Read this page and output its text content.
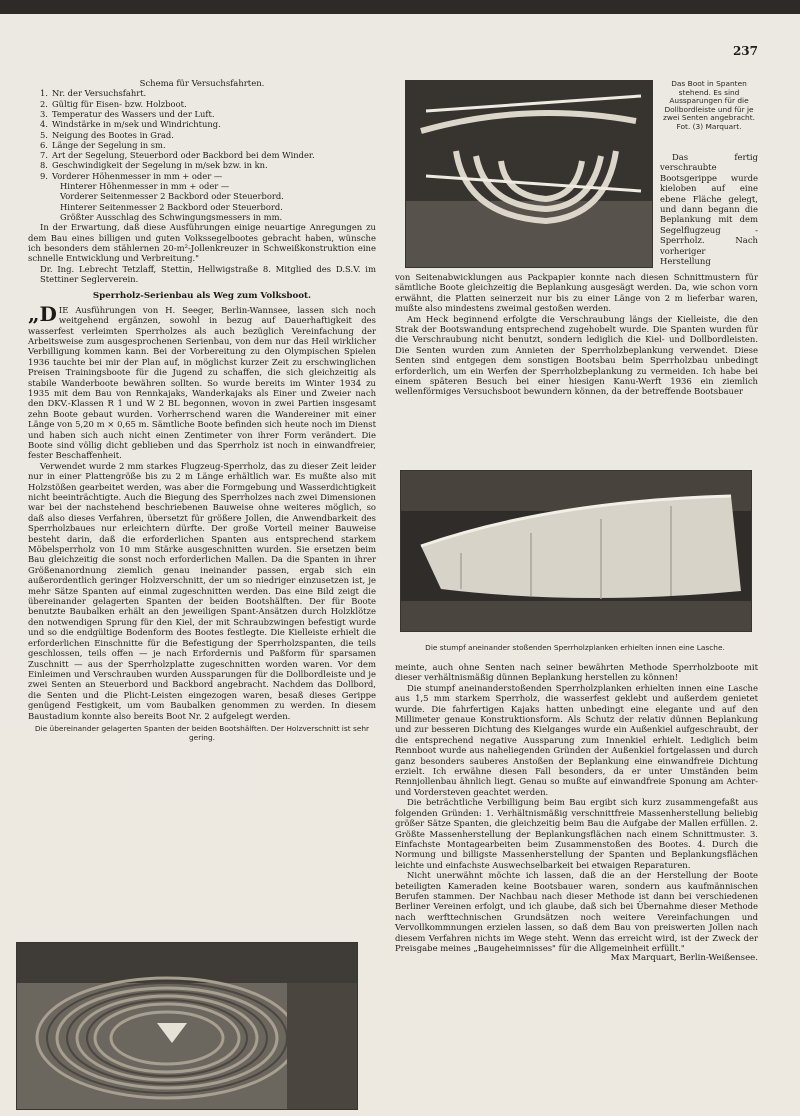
237
Schema für Versuchsfahrten.
1. Nr. der Versuchsfahrt.
2. Gültig für Eisen- bzw. Holzboot.
3. Temperatur des Wassers und der Luft.
4. Windstärke in m/sek und Windrichtung.
5. Neigung des Bootes in Grad.
6. Länge der Segelung in sm.
7. Art der Segelung, Steuerbord oder Backbord bei dem Winder.
8. Geschwindigkeit der Segelung in m/sek bzw. in kn.
9. Vorderer Höhenmesser in mm + oder —
Hinterer Höhenmesser in mm + oder —
Vorderer Seitenmesser 2 Backbord oder Steuerbord.
Hinterer Seitenmesser 2 Backbord oder Steuerbord.
Größter Ausschlag des Schwingungsmessers in mm.

In der Erwartung, daß diese Ausführungen einige neuartige Anregungen zu dem Bau eines billigen und guten Volkssegelbootes gebracht haben, wünsche ich besonders dem stählernen 20-m²-Jollenkreuzer in Schweißkonstruktion eine schnelle Entwicklung und Verbreitung."

Dr. Ing. Lebrecht Tetzlaff, Stettin, Hellwigstraße 8. Mitglied des D.S.V. im Stettiner Seglerverein.
Sperrholz-Serienbau als Weg zum Volksboot.
„DIE Ausführungen von H. Seeger, Berlin-Wannsee, lassen sich noch weitgehend ergänzen, sowohl in bezug auf Dauerhaftigkeit des wasserfest verleimten Sperrholzes als auch bezüglich Vereinfachung der Arbeitsweise zum ausgesprochenen Serienbau, von dem nur das Heil wirklicher Verbilligung kommen kann. Bei der Vorbereitung zu den Olympischen Spielen 1936 tauchte bei mir der Plan auf, in möglichst kurzer Zeit zu erschwinglichen Preisen Trainingsboote für die Jugend zu schaffen, die sich gleichzeitig als stabile Wanderboote bewähren sollten. So wurde bereits im Winter 1934 zu 1935 mit dem Bau von Rennkajaks, Wanderkajaks als Einer und Zweier nach den DKV.-Klassen R 1 und W 2 BL begonnen, wovon in zwei Partien insgesamt zehn Boote gebaut wurden. Vorherrschend waren die Wandereiner mit einer Länge von 5,20 m × 0,65 m. Sämtliche Boote befinden sich heute noch im Dienst und haben sich auch nicht einen Zentimeter von ihrer Form verändert. Die Boote sind völlig dicht geblieben und das Sperrholz ist noch in einwandfreier, fester Beschaffenheit.

Verwendet wurde 2 mm starkes Flugzeug-Sperrholz, das zu dieser Zeit leider nur in einer Plattengröße bis zu 2 m Länge erhältlich war. Es mußte also mit Holzstößen gearbeitet werden, was aber die Formgebung und Wasserdichtigkeit nicht beeinträchtigte. Auch die Biegung des Sperrholzes nach zwei Dimensionen war bei der nachstehend beschriebenen Bauweise ohne weiteres möglich, so daß also dieses Verfahren, übersetzt für größere Jollen, die Anwendbarkeit des Sperrholzbaues nur erleichtern dürfte. Der große Vorteil meiner Bauweise besteht darin, daß die erforderlichen Spanten aus entsprechend starkem Möbelsperrholz von 10 mm Stärke ausgeschnitten wurden. Sie ersetzen beim Bau gleichzeitig die sonst noch erforderlichen Mallen. Da die Spanten in ihrer Größenanordnung ziemlich genau ineinander passen, ergab sich ein außerordentlich geringer Holzverschnitt, der um so niedriger einzusetzen ist, je mehr Sätze Spanten auf einmal zugeschnitten werden. Das eine Bild zeigt die übereinander gelagerten Spanten der beiden Bootshälften. Der für Boote benutzte Baubalken erhält an den jeweiligen Spant-Ansätzen durch Holzklötze den notwendigen Sprung für den Kiel, der mit Schraubzwingen befestigt wurde und so die endgültige Bodenform des Bootes festlegte. Die Kielleiste erhielt die erforderlichen Einschnitte für die Befestigung der Sperrholzspanten, die teils geschlossen, teils offen — je nach Erfordernis und Paßform für sparsamen Zuschnitt — aus der Sperrholzplatte zugeschnitten worden waren. Vor dem Einleimen und Verschrauben wurden Aussparungen für die Dollbordleiste und je zwei Senten an Steuerbord und Backbord angebracht. Nachdem das Dollbord, die Senten und die Plicht-Leisten eingezogen waren, besaß dieses Gerippe genügend Festigkeit, um vom Baubalken genommen zu werden. In diesem Baustadium konnte also bereits Boot Nr. 2 aufgelegt werden.

Die übereinander gelagerten Spanten der beiden Bootshälften. Der Holzverschnitt ist sehr gering.
Das Boot in Spanten stehend. Es sind Aussparungen für die Dollbordleiste und für je zwei Senten angebracht. Fot. (3) Marquart.

Das fertig verschraubte Bootsgerippe wurde kieloben auf eine ebene Fläche gelegt, und dann begann die Beplankung mit dem Segelflugzeug - Sperrholz. Nach vorheriger Herstellung

von Seitenabwicklungen aus Packpapier konnte nach diesen Schnittmustern für sämtliche Boote gleichzeitig die Beplankung ausgesägt werden. Da, wie schon vorn erwähnt, die Platten seinerzeit nur bis zu einer Länge von 2 m lieferbar waren, mußte also mindestens zweimal gestoßen werden.

Am Heck beginnend erfolgte die Verschraubung längs der Kielleiste, die den Strak der Bootswandung entsprechend zugehobelt wurde. Die Spanten wurden für die Verschraubung nicht benutzt, sondern lediglich die Kiel- und Dollbordleisten. Die Senten wurden zum Annieten der Sperrholzbeplankung verwendet. Diese Senten sind entgegen dem sonstigen Bootsbau beim Sperrholzbau unbedingt erforderlich, um ein Werfen der Sperrholzbeplankung zu vermeiden. Ich habe bei einem späteren Besuch bei einer hiesigen Kanu-Werft 1936 ein ziemlich wellenförmiges Versuchsboot bewundern können, da der betreffende Bootsbauer

Die stumpf aneinander stoßenden Sperrholzplanken erhielten innen eine Lasche.
meinte, auch ohne Senten nach seiner bewährten Methode Sperrholzboote mit dieser verhältnismäßig dünnen Beplankung herstellen zu können!

Die stumpf aneinanderstoßenden Sperrholzplanken erhielten innen eine Lasche aus 1,5 mm starkem Sperrholz, die wasserfest geklebt und außerdem genietet wurde. Die fahrfertigen Kajaks hatten unbedingt eine elegante und auf den Millimeter genaue Konstruktionsform. Als Schutz der relativ dünnen Beplankung und zur besseren Dichtung des Kielganges wurde ein Außenkiel aufgeschraubt, der die entsprechend negative Aussparung zum Innenkiel erhielt. Lediglich beim Rennboot wurde aus naheliegenden Gründen der Außenkiel fortgelassen und durch ganz besonders sauberes Anstoßen der Beplankung eine einwandfreie Dichtung erzielt. Ich erwähne diesen Fall besonders, da er unter Umständen beim Rennjollenbau ähnlich liegt. Genau so mußte auf einwandfreie Sponung am Achter- und Vordersteven geachtet werden.

Die beträchtliche Verbilligung beim Bau ergibt sich kurz zusammengefaßt aus folgenden Gründen: 1. Verhältnismäßig verschnittfreie Massenherstellung beliebig größer Sätze Spanten, die gleichzeitig beim Bau die Aufgabe der Mallen erfüllen. 2. Größte Massenherstellung der Beplankungsflächen nach einem Schnittmuster. 3. Einfachste Montagearbeiten beim Zusammenstoßen des Bootes. 4. Durch die Normung und billigste Massenherstellung der Spanten und Beplankungsflächen leichte und einfachste Auswechselbarkeit bei etwaigen Reparaturen.

Nicht unerwähnt möchte ich lassen, daß die an der Herstellung der Boote beteiligten Kameraden keine Bootsbauer waren, sondern aus kaufmännischen Berufen stammen. Der Nachbau nach dieser Methode ist dann bei verschiedenen Berliner Vereinen erfolgt, und ich glaube, daß sich bei Übernahme dieser Methode nach werfttechnischen Grundsätzen noch weitere Vereinfachungen und Vervollkommnungen erzielen lassen, so daß dem Bau von preiswerten Jollen nach diesem Verfahren nichts im Wege steht. Wenn das erreicht wird, ist der Zweck der Preisgabe meines „Baugeheimnisses" für die Allgemeinheit erfüllt."

Max Marquart, Berlin-Weißensee.
